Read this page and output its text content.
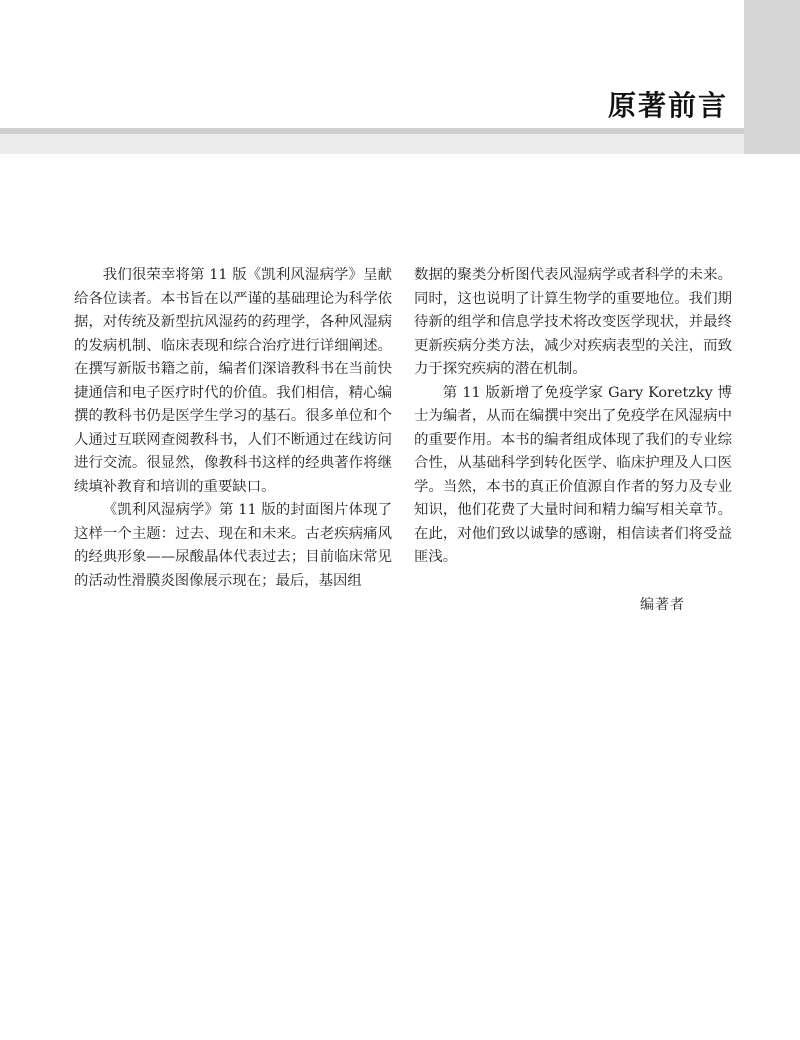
原著前言

我们很荣幸将第 11 版《凯利风湿病学》呈献给各位读者。本书旨在以严谨的基础理论为科学依据，对传统及新型抗风湿药的药理学，各种风湿病的发病机制、临床表现和综合治疗进行详细阐述。在撰写新版书籍之前，编者们深谙教科书在当前快捷通信和电子医疗时代的价值。我们相信，精心编撰的教科书仍是医学生学习的基石。很多单位和个人通过互联网查阅教科书，人们不断通过在线访问进行交流。很显然，像教科书这样的经典著作将继续填补教育和培训的重要缺口。

《凯利风湿病学》第 11 版的封面图片体现了这样一个主题：过去、现在和未来。古老疾病痛风的经典形象——尿酸晶体代表过去；目前临床常见的活动性滑膜炎图像展示现在；最后，基因组

数据的聚类分析图代表风湿病学或者科学的未来。同时，这也说明了计算生物学的重要地位。我们期待新的组学和信息学技术将改变医学现状，并最终更新疾病分类方法，减少对疾病表型的关注，而致力于探究疾病的潜在机制。

第 11 版新增了免疫学家 Gary Koretzky 博士为编者，从而在编撰中突出了免疫学在风湿病中的重要作用。本书的编者组成体现了我们的专业综合性，从基础科学到转化医学、临床护理及人口医学。当然，本书的真正价值源自作者的努力及专业知识，他们花费了大量时间和精力编写相关章节。在此，对他们致以诚挚的感谢，相信读者们将受益匪浅。

编著者
